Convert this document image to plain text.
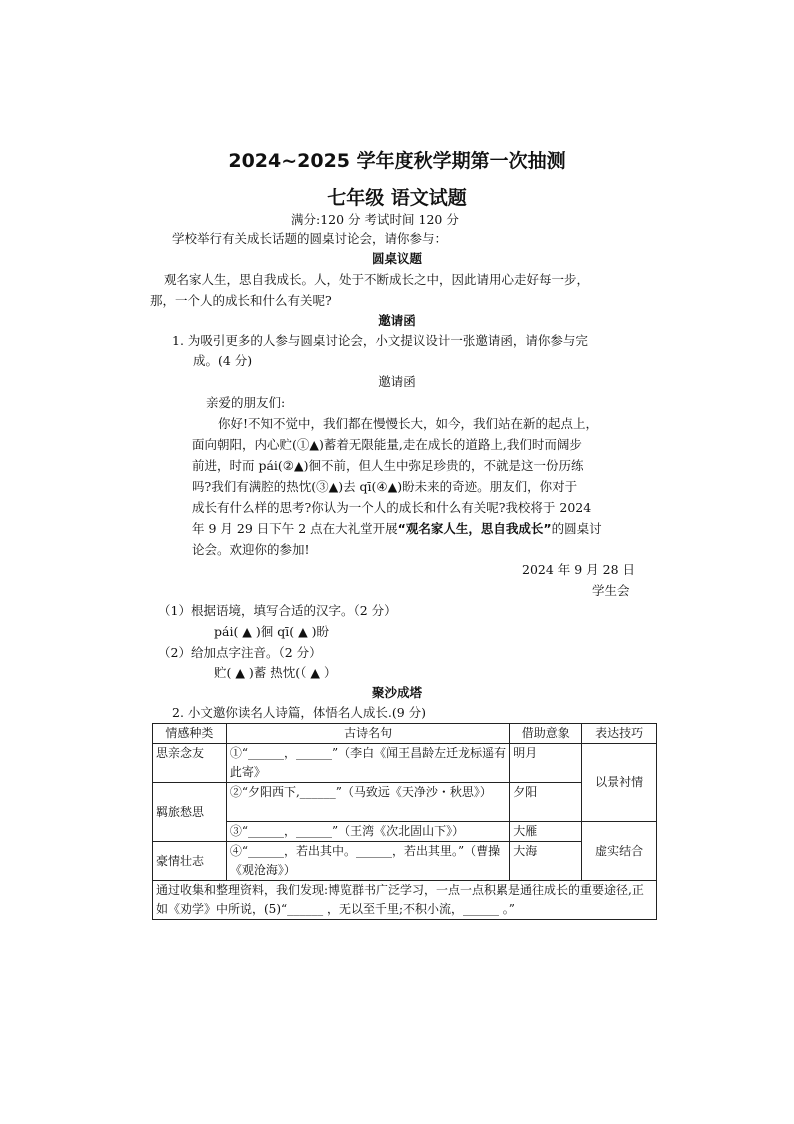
2024~2025 学年度秋学期第一次抽测
七年级 语文试题
满分:120 分 考试时间 120 分
学校举行有关成长话题的圆桌讨论会，请你参与：
圆桌议题
观名家人生，思自我成长。人，处于不断成长之中，因此请用心走好每一步，
那，一个人的成长和什么有关呢?
邀请函
1. 为吸引更多的人参与圆桌讨论会，小文提议设计一张邀请函，请你参与完
成。(4 分)
邀请函
亲爱的朋友们:
你好!不知不觉中，我们都在慢慢长大，如今，我们站在新的起点上，
面向朝阳，内心贮(①▲)蓄着无限能量,走在成长的道路上,我们时而阔步
前进，时而 pái(②▲)徊不前，但人生中弥足珍贵的，不就是这一份历练
吗?我们有满腔的热忱(③▲)去 qī(④▲)盼未来的奇迹。朋友们，你对于
成长有什么样的思考?你认为一个人的成长和什么有关呢?我校将于 2024
年 9 月 29 日下午 2 点在大礼堂开展“观名家人生，思自我成长”的圆桌讨
论会。欢迎你的参加!
2024 年 9 月 28 日
学生会
（1）根据语境，填写合适的汉字。（2 分）
pái( ▲ )徊 qī( ▲ )盼
（2）给加点字注音。（2 分）
贮( ▲ )蓄 热忱(（ ▲ ）
聚沙成塔
2. 小文邀你读名人诗篇，体悟名人成长.(9 分)
情感种类	古诗名句	借助意象	表达技巧
思亲念友	①“______，______”（李白《闻王昌龄左迁龙标遥有此寄》	明月	以景衬情
羁旅愁思	②“夕阳西下,______”（马致远《天净沙・秋思》）	夕阳	
	③“______，______”（王湾《次北固山下》）	大雁	虚实结合
豪情壮志	④“______，若出其中。______，若出其里。”（曹操《观沧海》）	大海	
通过收集和整理资料，我们发现:博览群书广泛学习，一点一点积累是通往成长的重要途径,正如《劝学》中所说，(5)“______ ，无以至千里;不积小流，______ 。”			
